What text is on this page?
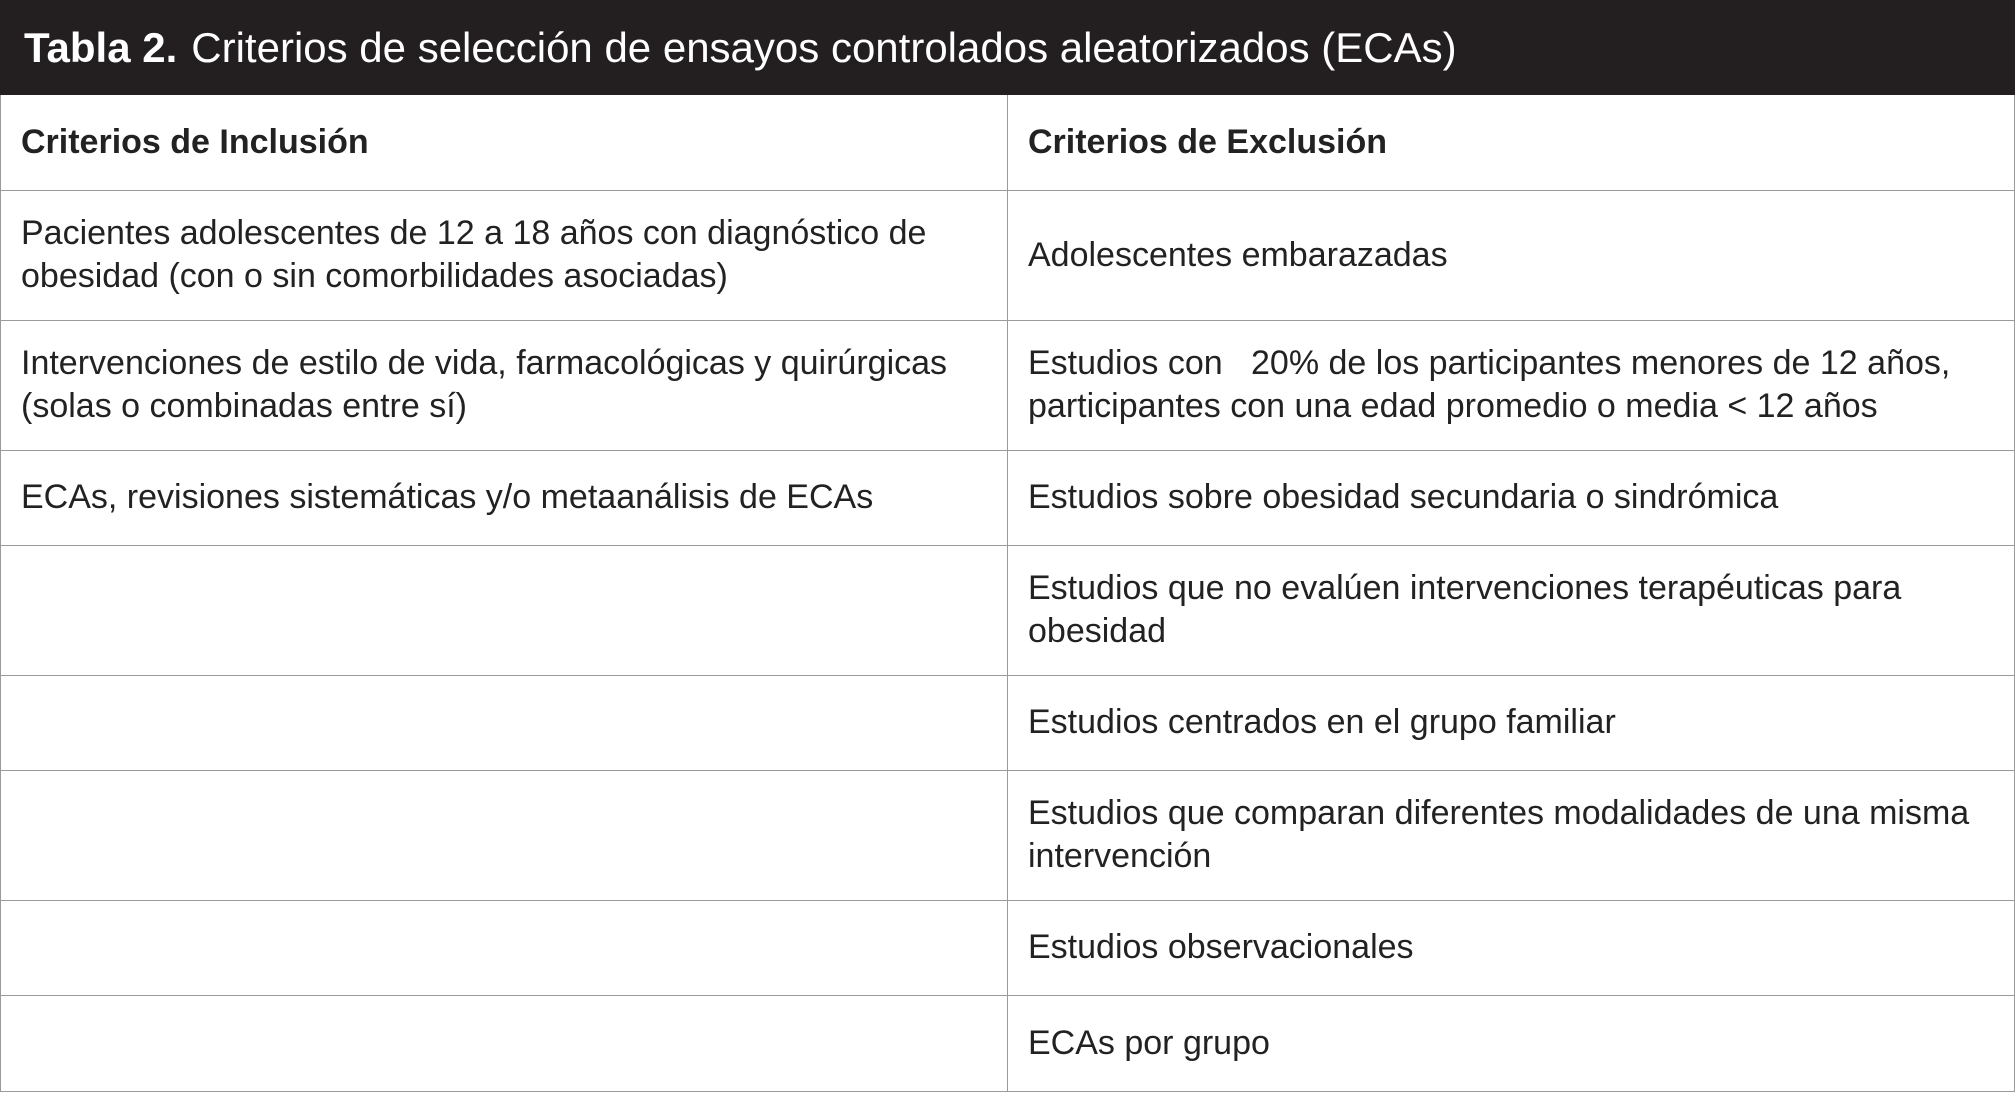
Tabla 2. Criterios de selección de ensayos controlados aleatorizados (ECAs)
Criterios de Inclusión	Criterios de Exclusión
Pacientes adolescentes de 12 a 18 años con diagnóstico de obesidad (con o sin comorbilidades asociadas)	Adolescentes embarazadas
Intervenciones de estilo de vida, farmacológicas y quirúrgicas (solas o combinadas entre sí)	Estudios con   20% de los participantes menores de 12 años, participantes con una edad promedio o media < 12 años
ECAs, revisiones sistemáticas y/o metaanálisis de ECAs	Estudios sobre obesidad secundaria o sindrómica
	Estudios que no evalúen intervenciones terapéuticas para obesidad
	Estudios centrados en el grupo familiar
	Estudios que comparan diferentes modalidades de una misma intervención
	Estudios observacionales
	ECAs por grupo
